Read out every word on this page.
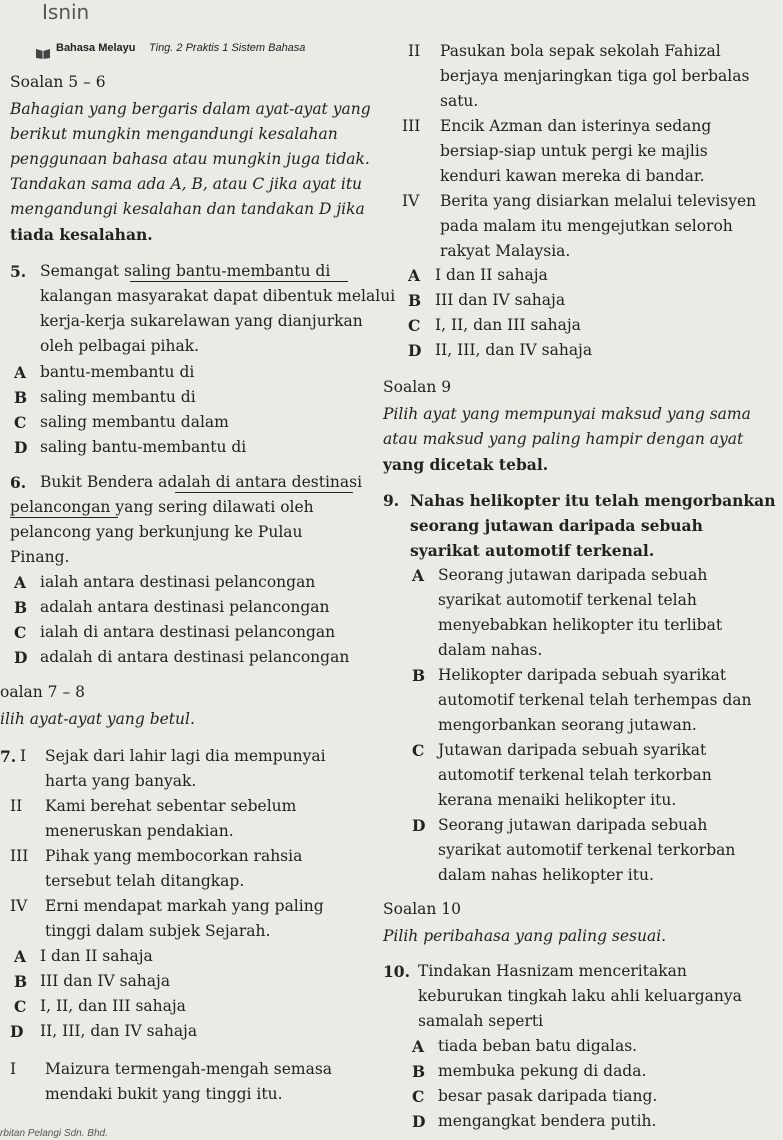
Isnin
Bahasa Melayu Ting. 2 Praktis 1 Sistem Bahasa
Soalan 5 – 6
Bahagian yang bergaris dalam ayat-ayat yang
berikut mungkin mengandungi kesalahan
penggunaan bahasa atau mungkin juga tidak.
Tandakan sama ada A, B, atau C jika ayat itu
mengandungi kesalahan dan tandakan D jika
tiada kesalahan.
5. Semangat saling bantu-membantu di
kalangan masyarakat dapat dibentuk melalui
kerja-kerja sukarelawan yang dianjurkan
oleh pelbagai pihak.
A bantu-membantu di
B saling membantu di
C saling membantu dalam
D saling bantu-membantu di
6. Bukit Bendera adalah di antara destinasi
pelancongan yang sering dilawati oleh
pelancong yang berkunjung ke Pulau
Pinang.
A ialah antara destinasi pelancongan
B adalah antara destinasi pelancongan
C ialah di antara destinasi pelancongan
D adalah di antara destinasi pelancongan
oalan 7 – 8
ilih ayat-ayat yang betul.
7. I Sejak dari lahir lagi dia mempunyai
harta yang banyak.
II Kami berehat sebentar sebelum
meneruskan pendakian.
III Pihak yang membocorkan rahsia
tersebut telah ditangkap.
IV Erni mendapat markah yang paling
tinggi dalam subjek Sejarah.
A I dan II sahaja
B III dan IV sahaja
C I, II, dan III sahaja
D II, III, dan IV sahaja
I Maizura termengah-mengah semasa
mendaki bukit yang tinggi itu.
rbitan Pelangi Sdn. Bhd.
II Pasukan bola sepak sekolah Fahizal
berjaya menjaringkan tiga gol berbalas
satu.
III Encik Azman dan isterinya sedang
bersiap-siap untuk pergi ke majlis
kenduri kawan mereka di bandar.
IV Berita yang disiarkan melalui televisyen
pada malam itu mengejutkan seloroh
rakyat Malaysia.
A I dan II sahaja
B III dan IV sahaja
C I, II, dan III sahaja
D II, III, dan IV sahaja
Soalan 9
Pilih ayat yang mempunyai maksud yang sama
atau maksud yang paling hampir dengan ayat
yang dicetak tebal.
9. Nahas helikopter itu telah mengorbankan
seorang jutawan daripada sebuah
syarikat automotif terkenal.
A Seorang jutawan daripada sebuah
syarikat automotif terkenal telah
menyebabkan helikopter itu terlibat
dalam nahas.
B Helikopter daripada sebuah syarikat
automotif terkenal telah terhempas dan
mengorbankan seorang jutawan.
C Jutawan daripada sebuah syarikat
automotif terkenal telah terkorban
kerana menaiki helikopter itu.
D Seorang jutawan daripada sebuah
syarikat automotif terkenal terkorban
dalam nahas helikopter itu.
Soalan 10
Pilih peribahasa yang paling sesuai.
10. Tindakan Hasnizam menceritakan
keburukan tingkah laku ahli keluarganya
samalah seperti
A tiada beban batu digalas.
B membuka pekung di dada.
C besar pasak daripada tiang.
D mengangkat bendera putih.
